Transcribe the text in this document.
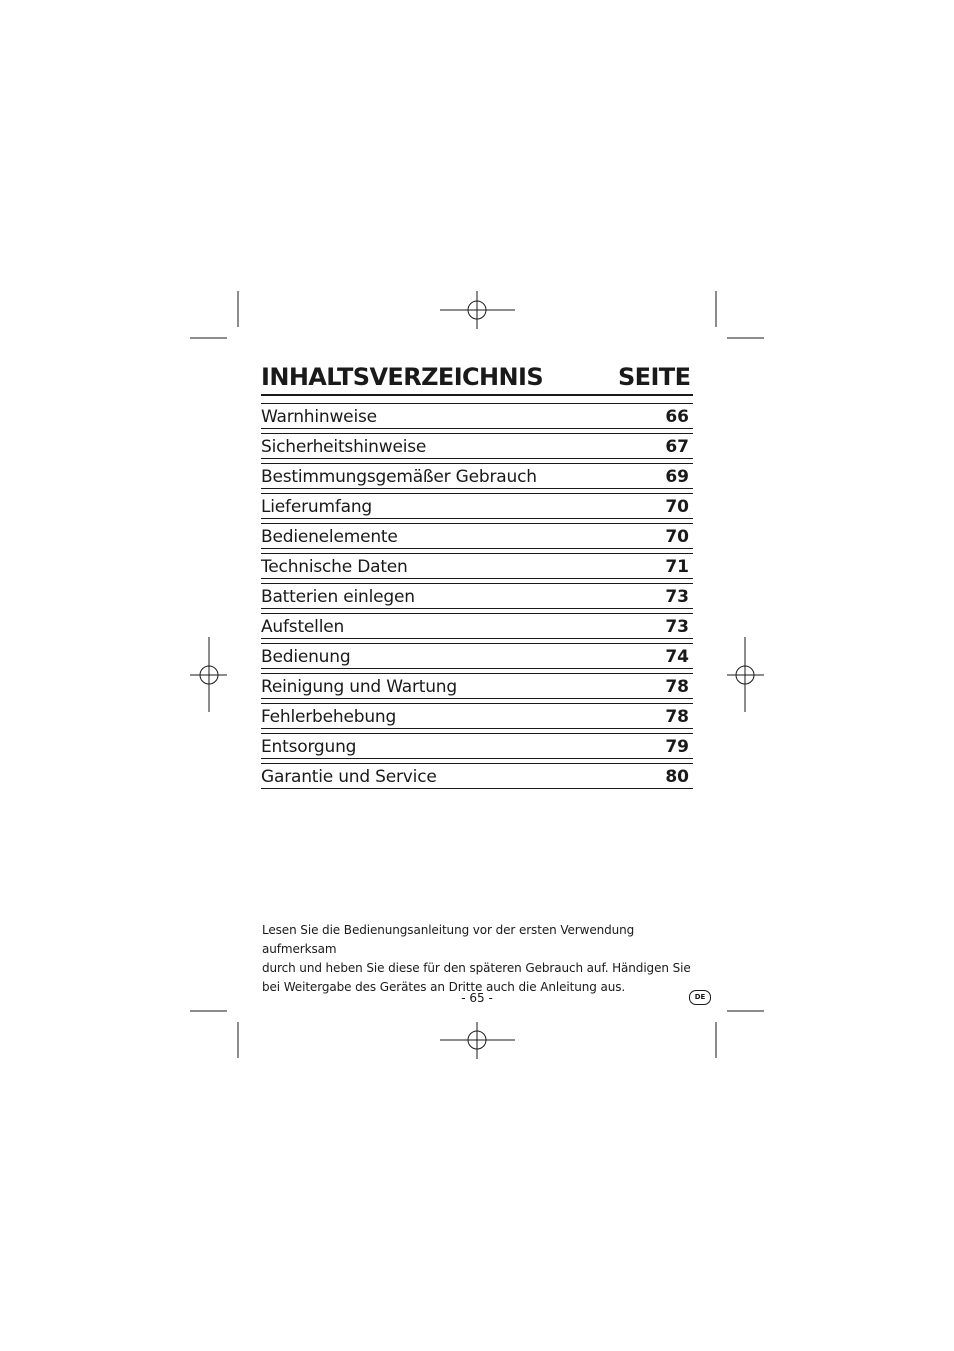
INHALTSVERZEICHNIS	SEITE
Warnhinweise	66
Sicherheitshinweise	67
Bestimmungsgemäßer Gebrauch	69
Lieferumfang	70
Bedienelemente	70
Technische Daten	71
Batterien einlegen	73
Aufstellen	73
Bedienung	74
Reinigung und Wartung	78
Fehlerbehebung	78
Entsorgung	79
Garantie und Service	80

Lesen Sie die Bedienungsanleitung vor der ersten Verwendung aufmerksam

durch und heben Sie diese für den späteren Gebrauch auf. Händigen Sie

bei Weitergabe des Gerätes an Dritte auch die Anleitung aus.

- 65 -	DE
